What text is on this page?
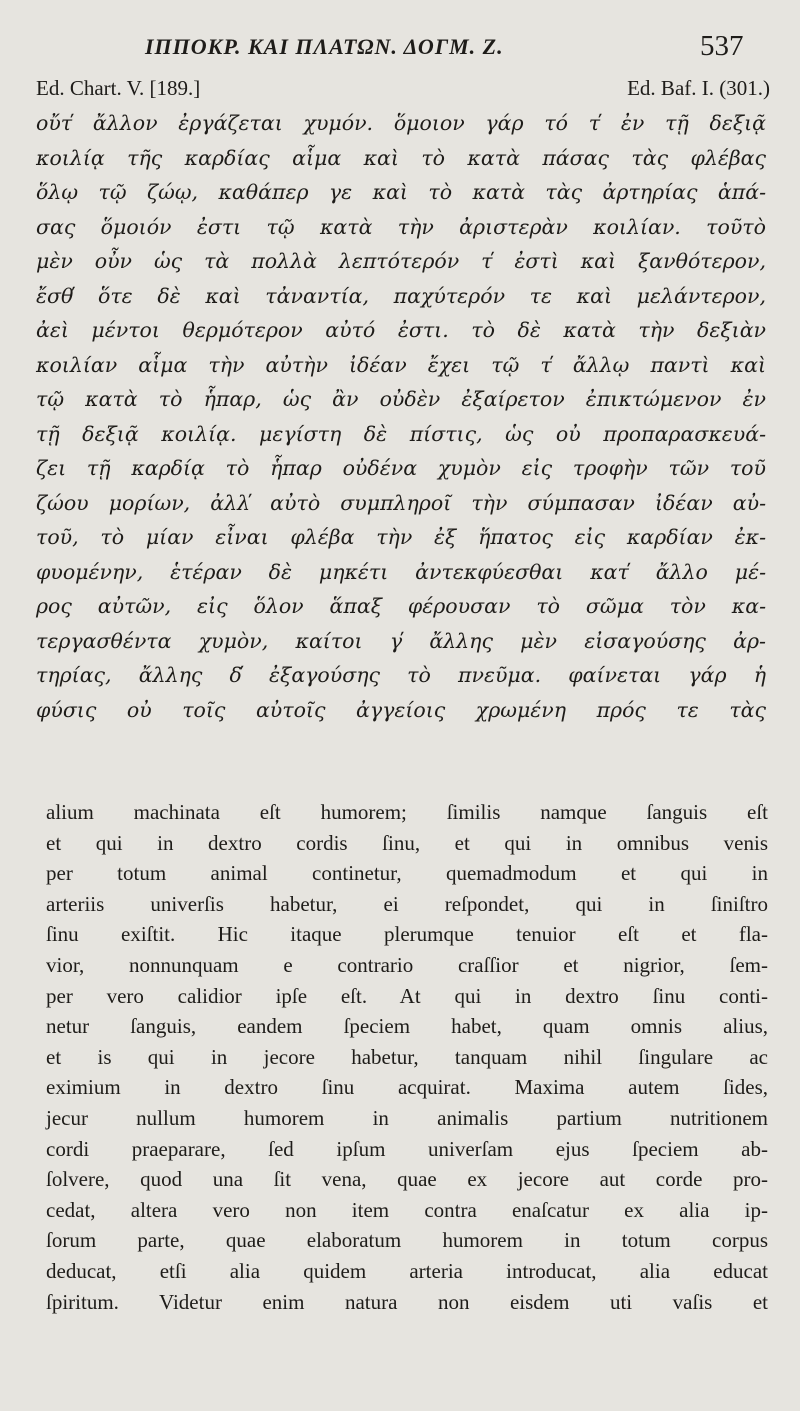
ΙΠΠΟΚΡ. ΚΑΙ ΠΛΑΤΩΝ. ΔΟΓΜ. Ζ.	537
Ed. Chart. V. [189.]	Ed. Baf. I. (301.)
οὔτ̕ ἄλλον ἐργάζεται χυμόν. ὅμοιον γάρ τό τ̕ ἐν τῇ δεξιᾷ
κοιλίᾳ τῆς καρδίας αἷμα καὶ τὸ κατὰ πάσας τὰς φλέβας
ὅλῳ τῷ ζώῳ, καθάπερ γε καὶ τὸ κατὰ τὰς ἀρτηρίας ἁπά-
σας ὅμοιόν ἐστι τῷ κατὰ τὴν ἀριστερὰν κοιλίαν. τοῦτὸ
μὲν οὖν ὡς τὰ πολλὰ λεπτότερόν τ̕ ἐστὶ καὶ ξανθότερον,
ἔσθ̕ ὅτε δὲ καὶ τἀναντία, παχύτερόν τε καὶ μελάντερον,
ἀεὶ μέντοι θερμότερον αὐτό ἐστι. τὸ δὲ κατὰ τὴν δεξιὰν
κοιλίαν αἷμα τὴν αὐτὴν ἰδέαν ἔχει τῷ τ̕ ἄλλῳ παντὶ καὶ
τῷ κατὰ τὸ ἧπαρ, ὡς ἂν οὐδὲν ἐξαίρετον ἐπικτώμενον ἐν
τῇ δεξιᾷ κοιλίᾳ. μεγίστη δὲ πίστις, ὡς οὐ προπαρασκευά-
ζει τῇ καρδίᾳ τὸ ἧπαρ οὐδένα χυμὸν εἰς τροφὴν τῶν τοῦ
ζώου μορίων, ἀλλ̕ αὐτὸ συμπληροῖ τὴν σύμπασαν ἰδέαν αὐ-
τοῦ, τὸ μίαν εἶναι φλέβα τὴν ἐξ ἥπατος εἰς καρδίαν ἐκ-
φυομένην, ἑτέραν δὲ μηκέτι ἀντεκφύεσθαι κατ̕ ἄλλο μέ-
ρος αὐτῶν, εἰς ὅλον ἅπαξ φέρουσαν τὸ σῶμα τὸν κα-
τεργασθέντα χυμὸν, καίτοι γ̕ ἄλλης μὲν εἰσαγούσης ἀρ-
τηρίας, ἄλλης δ̕ ἐξαγούσης τὸ πνεῦμα. φαίνεται γάρ ἡ
φύσις οὐ τοῖς αὐτοῖς ἀγγείοις χρωμένη πρός τε τὰς
alium machinata eſt humorem; ſimilis namque ſanguis eſt
et qui in dextro cordis ſinu, et qui in omnibus venis
per totum animal continetur, quemadmodum et qui in
arteriis univerſis habetur, ei reſpondet, qui in ſiniſtro
ſinu exiſtit. Hic itaque plerumque tenuior eſt et fla-
vior, nonnunquam e contrario craſſior et nigrior, ſem-
per vero calidior ipſe eſt. At qui in dextro ſinu conti-
netur ſanguis, eandem ſpeciem habet, quam omnis alius,
et is qui in jecore habetur, tanquam nihil ſingulare ac
eximium in dextro ſinu acquirat. Maxima autem ſides,
jecur nullum humorem in animalis partium nutritionem
cordi praeparare, ſed ipſum univerſam ejus ſpeciem ab-
ſolvere, quod una ſit vena, quae ex jecore aut corde pro-
cedat, altera vero non item contra enaſcatur ex alia ip-
ſorum parte, quae elaboratum humorem in totum corpus
deducat, etſi alia quidem arteria introducat, alia educat
ſpiritum. Videtur enim natura non eisdem uti vaſis et
